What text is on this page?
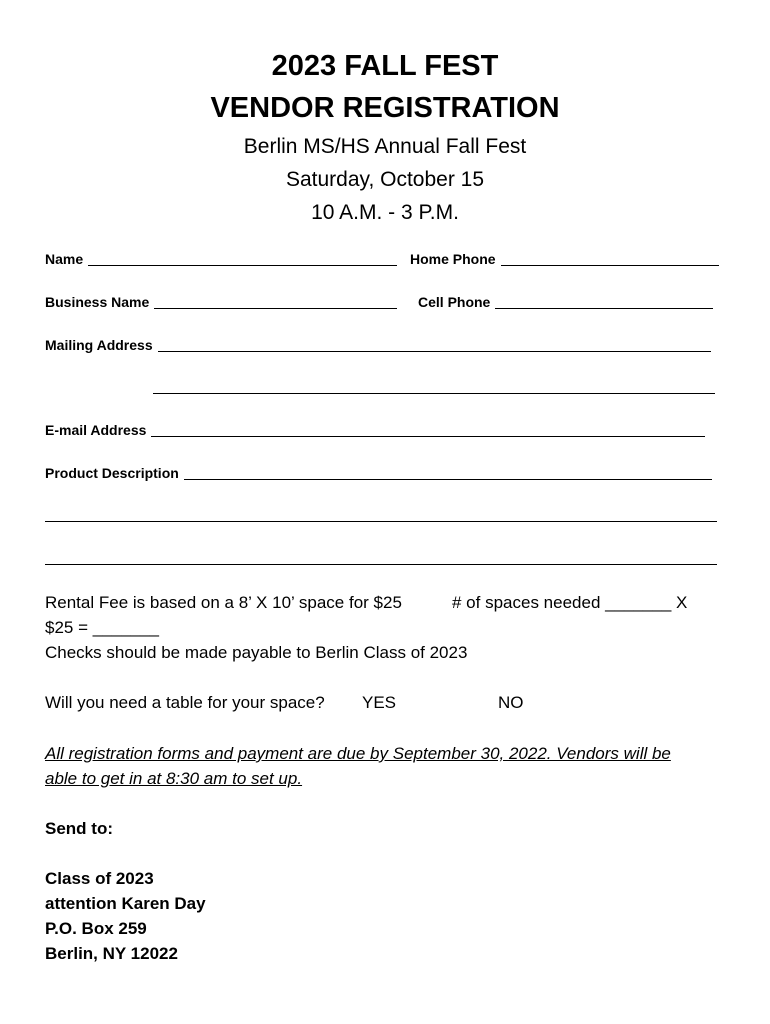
2023 FALL FEST
VENDOR REGISTRATION
Berlin MS/HS Annual Fall Fest
Saturday, October 15
10 A.M. - 3 P.M.
Name	Home Phone
Business Name	Cell Phone
Mailing Address
E-mail Address
Product Description
Rental Fee is based on a 8’ X 10’ space for $25	# of spaces needed _______ X
$25 = _______
Checks should be made payable to Berlin Class of 2023
Will you need a table for your space? YES	NO
All registration forms and payment are due by September 30, 2022. Vendors will be
able to get in at 8:30 am to set up.
Send to:
Class of 2023
attention Karen Day
P.O. Box 259
Berlin, NY 12022
